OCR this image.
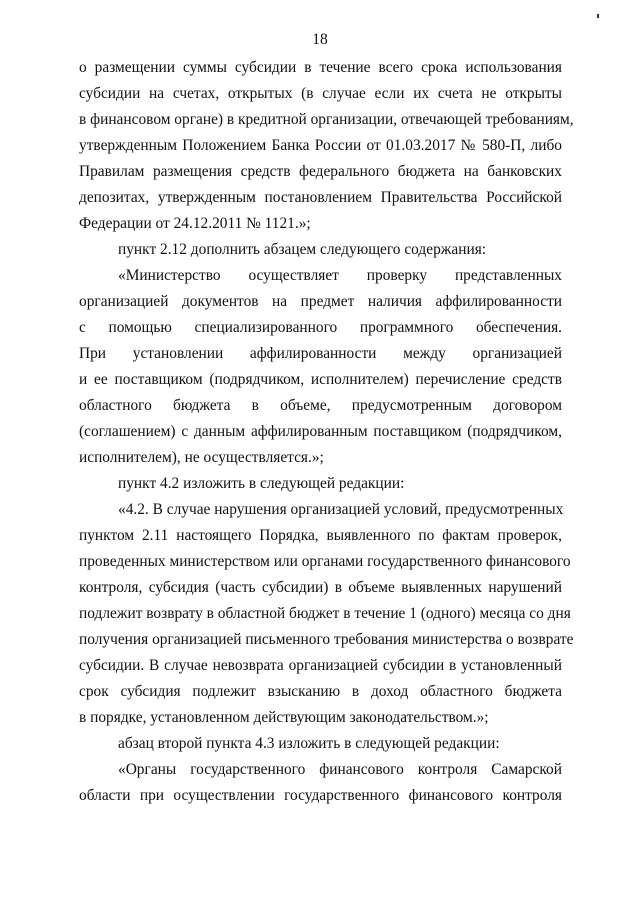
18
о размещении суммы субсидии в течение всего срока использования
субсидии на счетах, открытых (в случае если их счета не открыты
в финансовом органе) в кредитной организации, отвечающей требованиям,
утвержденным Положением Банка России от 01.03.2017 № 580-П, либо
Правилам размещения средств федерального бюджета на банковских
депозитах, утвержденным постановлением Правительства Российской
Федерации от 24.12.2011 № 1121.»;
пункт 2.12 дополнить абзацем следующего содержания:
«Министерство осуществляет проверку представленных
организацией документов на предмет наличия аффилированности
с помощью специализированного программного обеспечения.
При установлении аффилированности между организацией
и ее поставщиком (подрядчиком, исполнителем) перечисление средств
областного бюджета в объеме, предусмотренным договором
(соглашением) с данным аффилированным поставщиком (подрядчиком,
исполнителем), не осуществляется.»;
пункт 4.2 изложить в следующей редакции:
«4.2. В случае нарушения организацией условий, предусмотренных
пунктом 2.11 настоящего Порядка, выявленного по фактам проверок,
проведенных министерством или органами государственного финансового
контроля, субсидия (часть субсидии) в объеме выявленных нарушений
подлежит возврату в областной бюджет в течение 1 (одного) месяца со дня
получения организацией письменного требования министерства о возврате
субсидии. В случае невозврата организацией субсидии в установленный
срок субсидия подлежит взысканию в доход областного бюджета
в порядке, установленном действующим законодательством.»;
абзац второй пункта 4.3 изложить в следующей редакции:
«Органы государственного финансового контроля Самарской
области при осуществлении государственного финансового контроля
